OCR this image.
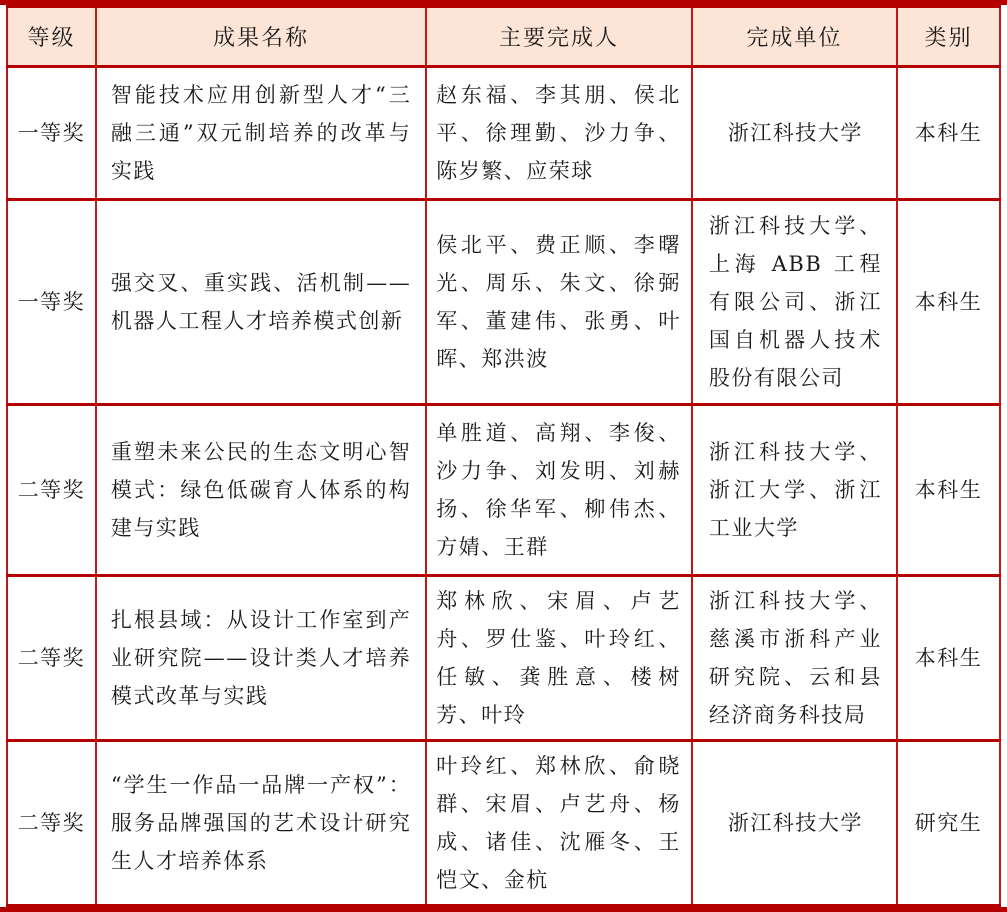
等级	成果名称	主要完成人	完成单位	类别
一等奖	智能技术应用创新型人才“三融三通”双元制培养的改革与实践	赵东福、李其朋、侯北平、徐理勤、沙力争、陈岁繁、应荣球	浙江科技大学	本科生
一等奖	强交叉、重实践、活机制——机器人工程人才培养模式创新	侯北平、费正顺、李曙光、周乐、朱文、徐弼军、董建伟、张勇、叶晖、郑洪波	浙江科技大学、上海 ABB 工程有限公司、浙江国自机器人技术股份有限公司	本科生
二等奖	重塑未来公民的生态文明心智模式：绿色低碳育人体系的构建与实践	单胜道、高翔、李俊、沙力争、刘发明、刘赫扬、徐华军、柳伟杰、方婧、王群	浙江科技大学、浙江大学、浙江工业大学	本科生
二等奖	扎根县域：从设计工作室到产业研究院——设计类人才培养模式改革与实践	郑林欣、宋眉、卢艺舟、罗仕鉴、叶玲红、任敏、龚胜意、楼树芳、叶玲	浙江科技大学、慈溪市浙科产业研究院、云和县经济商务科技局	本科生
二等奖	“学生一作品一品牌一产权”：服务品牌强国的艺术设计研究生人才培养体系	叶玲红、郑林欣、俞晓群、宋眉、卢艺舟、杨成、诸佳、沈雁冬、王恺文、金杭	浙江科技大学	研究生
